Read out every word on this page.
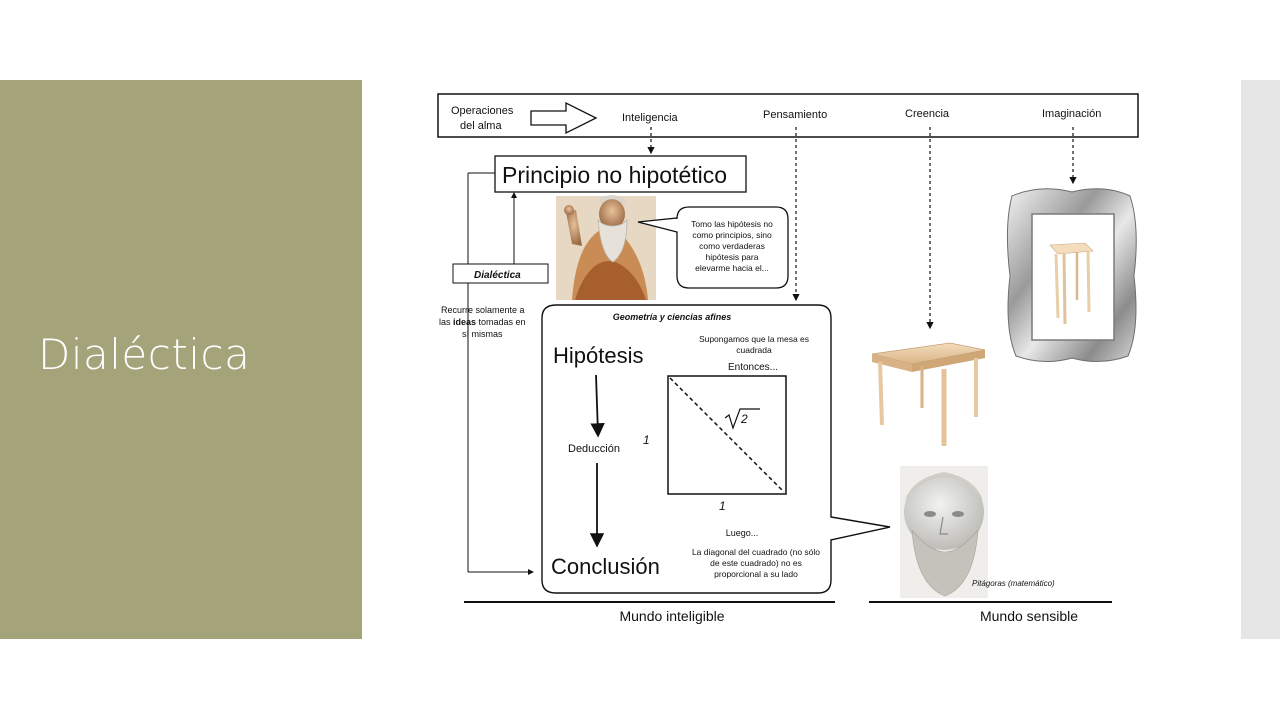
Dialéctica
Operaciones
del alma
Inteligencia	Pensamiento	Creencia	Imaginación
Principio no hipotético
Dialéctica
Recurre solamente a
las ideas tomadas en
sí mismas
Tomo las hipótesis no
como principios, sino
como verdaderas
hipótesis para
elevarme hacia el...
Geometría y ciencias afines
Hipótesis
Deducción
Conclusión
Supongamos que la mesa es
cuadrada
Entonces...
2
1
1
Luego...
La diagonal del cuadrado (no sólo
de este cuadrado) no es
proporcional a su lado
Pitágoras (matemático)
Mundo inteligible	Mundo sensible
